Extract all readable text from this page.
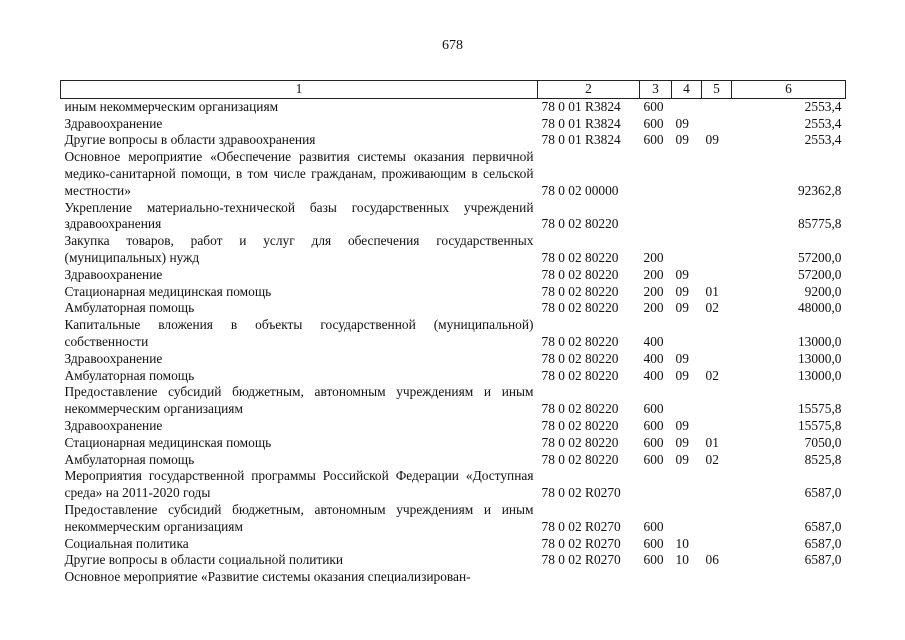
678
1	2	3	4	5	6
иным некоммерческим организациям	78 0 01 R3824	600			2553,4
Здравоохранение	78 0 01 R3824	600	09		2553,4
Другие вопросы в области здравоохранения	78 0 01 R3824	600	09	09	2553,4
Основное мероприятие «Обеспечение развития системы оказания первичной медико-санитарной помощи, в том числе гражданам, проживающим в сельской местности»	78 0 02 00000				92362,8
Укрепление материально-технической базы государственных учреждений здравоохранения	78 0 02 80220				85775,8
Закупка товаров, работ и услуг для обеспечения государственных (муниципальных) нужд	78 0 02 80220	200			57200,0
Здравоохранение	78 0 02 80220	200	09		57200,0
Стационарная медицинская помощь	78 0 02 80220	200	09	01	9200,0
Амбулаторная помощь	78 0 02 80220	200	09	02	48000,0
Капитальные вложения в объекты государственной (муниципальной) собственности	78 0 02 80220	400			13000,0
Здравоохранение	78 0 02 80220	400	09		13000,0
Амбулаторная помощь	78 0 02 80220	400	09	02	13000,0
Предоставление субсидий бюджетным, автономным учреждениям и иным некоммерческим организациям	78 0 02 80220	600			15575,8
Здравоохранение	78 0 02 80220	600	09		15575,8
Стационарная медицинская помощь	78 0 02 80220	600	09	01	7050,0
Амбулаторная помощь	78 0 02 80220	600	09	02	8525,8
Мероприятия государственной программы Российской Федерации «Доступная среда» на 2011-2020 годы	78 0 02 R0270				6587,0
Предоставление субсидий бюджетным, автономным учреждениям и иным некоммерческим организациям	78 0 02 R0270	600			6587,0
Социальная политика	78 0 02 R0270	600	10		6587,0
Другие вопросы в области социальной политики	78 0 02 R0270	600	10	06	6587,0
Основное мероприятие «Развитие системы оказания специализирован-					
